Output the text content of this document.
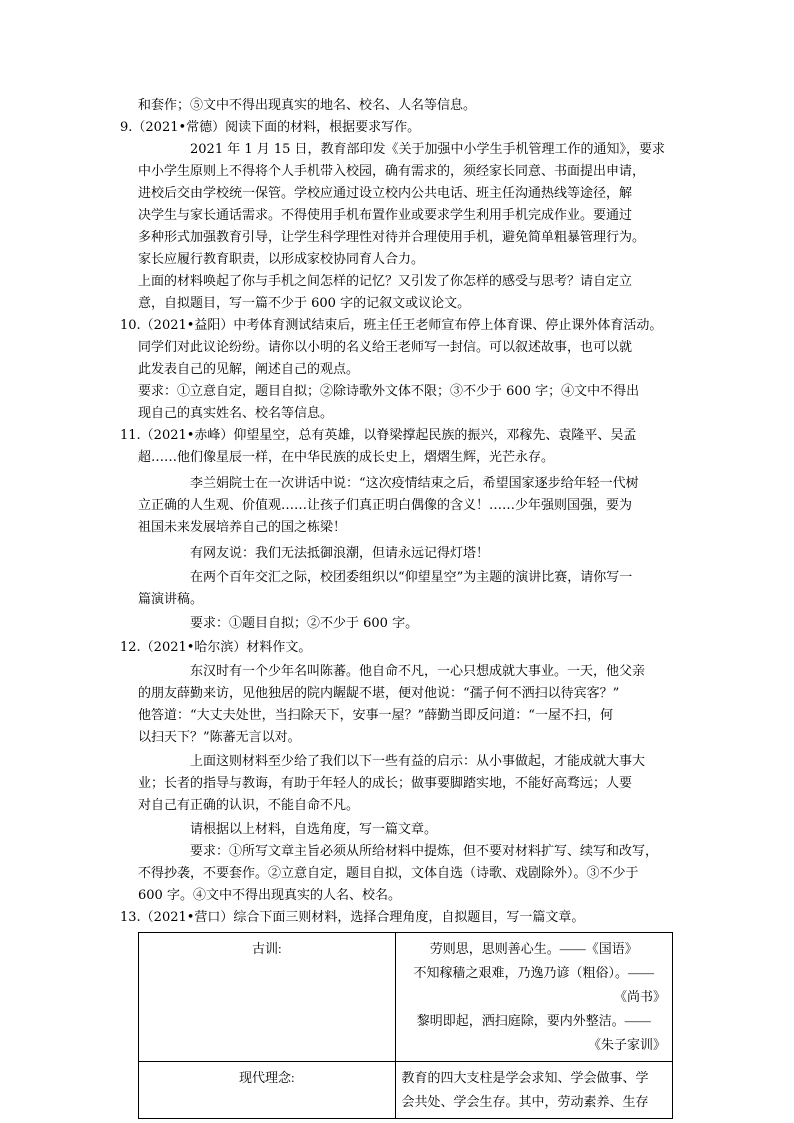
和套作；⑤文中不得出现真实的地名、校名、人名等信息。
9.（2021•常德）阅读下面的材料，根据要求写作。
2021 年 1 月 15 日，教育部印发《关于加强中小学生手机管理工作的通知》，要求
中小学生原则上不得将个人手机带入校园，确有需求的，须经家长同意、书面提出申请，
进校后交由学校统一保管。学校应通过设立校内公共电话、班主任沟通热线等途径，解
决学生与家长通话需求。不得使用手机布置作业或要求学生利用手机完成作业。要通过
多种形式加强教育引导，让学生科学理性对待并合理使用手机，避免简单粗暴管理行为。
家长应履行教育职责，以形成家校协同育人合力。
上面的材料唤起了你与手机之间怎样的记忆？又引发了你怎样的感受与思考？请自定立
意，自拟题目，写一篇不少于 600 字的记叙文或议论文。
10.（2021•益阳）中考体育测试结束后，班主任王老师宣布停上体育课、停止课外体育活动。
同学们对此议论纷纷。请你以小明的名义给王老师写一封信。可以叙述故事，也可以就
此发表自己的见解，阐述自己的观点。
要求：①立意自定，题目自拟；②除诗歌外文体不限；③不少于 600 字；④文中不得出
现自己的真实姓名、校名等信息。
11.（2021•赤峰）仰望星空，总有英雄，以脊梁撑起民族的振兴，邓稼先、袁隆平、吴孟
超……他们像星辰一样，在中华民族的成长史上，熠熠生辉，光芒永存。
李兰娟院士在一次讲话中说：“这次疫情结束之后，希望国家逐步给年轻一代树
立正确的人生观、价值观……让孩子们真正明白偶像的含义！……少年强则国强，要为
祖国未来发展培养自己的国之栋梁！
有网友说：我们无法抵御浪潮，但请永远记得灯塔！
在两个百年交汇之际，校团委组织以“仰望星空”为主题的演讲比赛，请你写一
篇演讲稿。
要求：①题目自拟；②不少于 600 字。
12.（2021•哈尔滨）材料作文。
东汉时有一个少年名叫陈蕃。他自命不凡，一心只想成就大事业。一天，他父亲
的朋友薛勤来访，见他独居的院内龌龊不堪，便对他说：“孺子何不洒扫以待宾客？”
他答道：“大丈夫处世，当扫除天下，安事一屋？”薛勤当即反问道：“一屋不扫，何
以扫天下？”陈蕃无言以对。
上面这则材料至少给了我们以下一些有益的启示：从小事做起，才能成就大事大
业；长者的指导与教诲，有助于年轻人的成长；做事要脚踏实地，不能好高骛远；人要
对自己有正确的认识，不能自命不凡。
请根据以上材料，自选角度，写一篇文章。
要求：①所写文章主旨必须从所给材料中提炼，但不要对材料扩写、续写和改写，
不得抄袭，不要套作。②立意自定，题目自拟，文体自选（诗歌、戏剧除外）。③不少于
600 字。④文中不得出现真实的人名、校名。
13.（2021•营口）综合下面三则材料，选择合理角度，自拟题目，写一篇文章。
古训:	劳则思，思则善心生。——《国语》

不知稼穑之艰难，乃逸乃谚（粗俗）。——

《尚书》

黎明即起，洒扫庭除，要内外整洁。——

《朱子家训》

现代理念:	教育的四大支柱是学会求知、学会做事、学

会共处、学会生存。其中，劳动素养、生存
